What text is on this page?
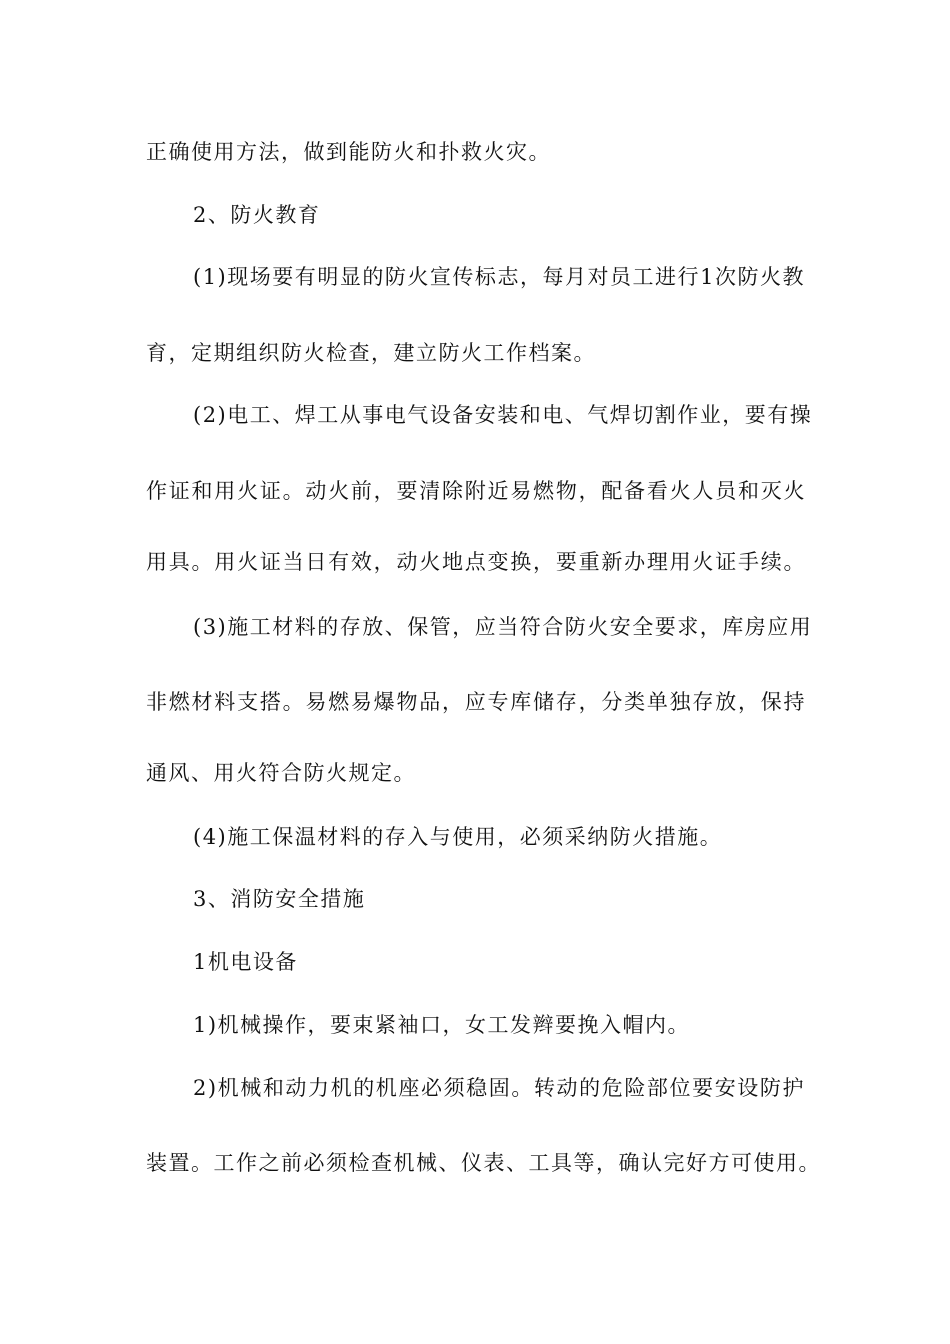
正确使用方法，做到能防火和扑救火灾。
2、防火教育
(1)现场要有明显的防火宣传标志，每月对员工进行1次防火教
育，定期组织防火检查，建立防火工作档案。
(2)电工、焊工从事电气设备安装和电、气焊切割作业，要有操
作证和用火证。动火前，要清除附近易燃物，配备看火人员和灭火
用具。用火证当日有效，动火地点变换，要重新办理用火证手续。
(3)施工材料的存放、保管，应当符合防火安全要求，库房应用
非燃材料支搭。易燃易爆物品，应专库储存，分类单独存放，保持
通风、用火符合防火规定。
(4)施工保温材料的存入与使用，必须采纳防火措施。
3、消防安全措施
1机电设备
1)机械操作，要束紧袖口，女工发辫要挽入帽内。
2)机械和动力机的机座必须稳固。转动的危险部位要安设防护
装置。工作之前必须检查机械、仪表、工具等，确认完好方可使用。
